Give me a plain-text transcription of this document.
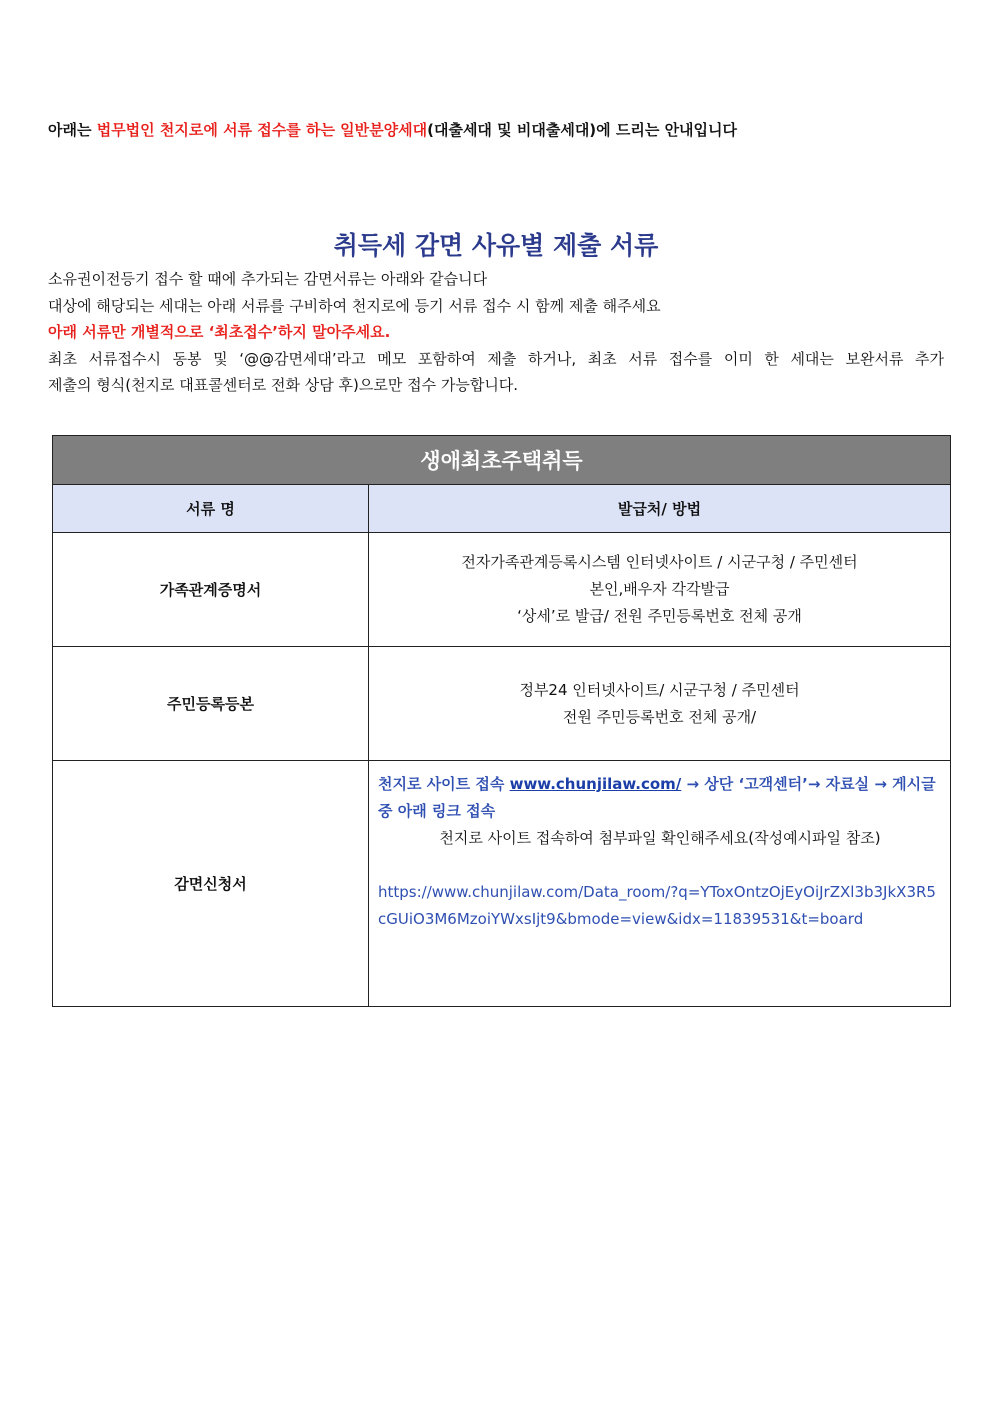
아래는 법무법인 천지로에 서류 접수를 하는 일반분양세대(대출세대 및 비대출세대)에 드리는 안내입니다
취득세 감면 사유별 제출 서류

소유권이전등기 접수 할 때에 추가되는 감면서류는 아래와 같습니다

대상에 해당되는 세대는 아래 서류를 구비하여 천지로에 등기 서류 접수 시 함께 제출 해주세요

아래 서류만 개별적으로 ‘최초접수’하지 말아주세요.

최초 서류접수시 동봉 및 ‘@@감면세대’라고 메모 포함하여 제출 하거나, 최초 서류 접수를 이미 한 세대는 보완서류 추가

제출의 형식(천지로 대표콜센터로 전화 상담 후)으로만 접수 가능합니다.

생애최초주택취득	
서류 명	발급처/ 방법
가족관계증명서	전자가족관계등록시스템 인터넷사이트 / 시군구청 / 주민센터
본인,배우자 각각발급
‘상세’로 발급/ 전원 주민등록번호 전체 공개

주민등록등본	정부24 인터넷사이트/ 시군구청 / 주민센터
전원 주민등록번호 전체 공개/

감면신청서	천지로 사이트 접속 www.chunjilaw.com/ → 상단 ‘고객센터’→ 자료실 → 게시글 중 아래 링크 접속
천지로 사이트 접속하여 첨부파일 확인해주세요(작성예시파일 참조)
https://www.chunjilaw.com/Data_room/?q=YToxOntzOjEyOiJrZXl3b3JkX3R5cGUiO3M6MzoiYWxsIjt9&bmode=view&idx=11839531&t=board
